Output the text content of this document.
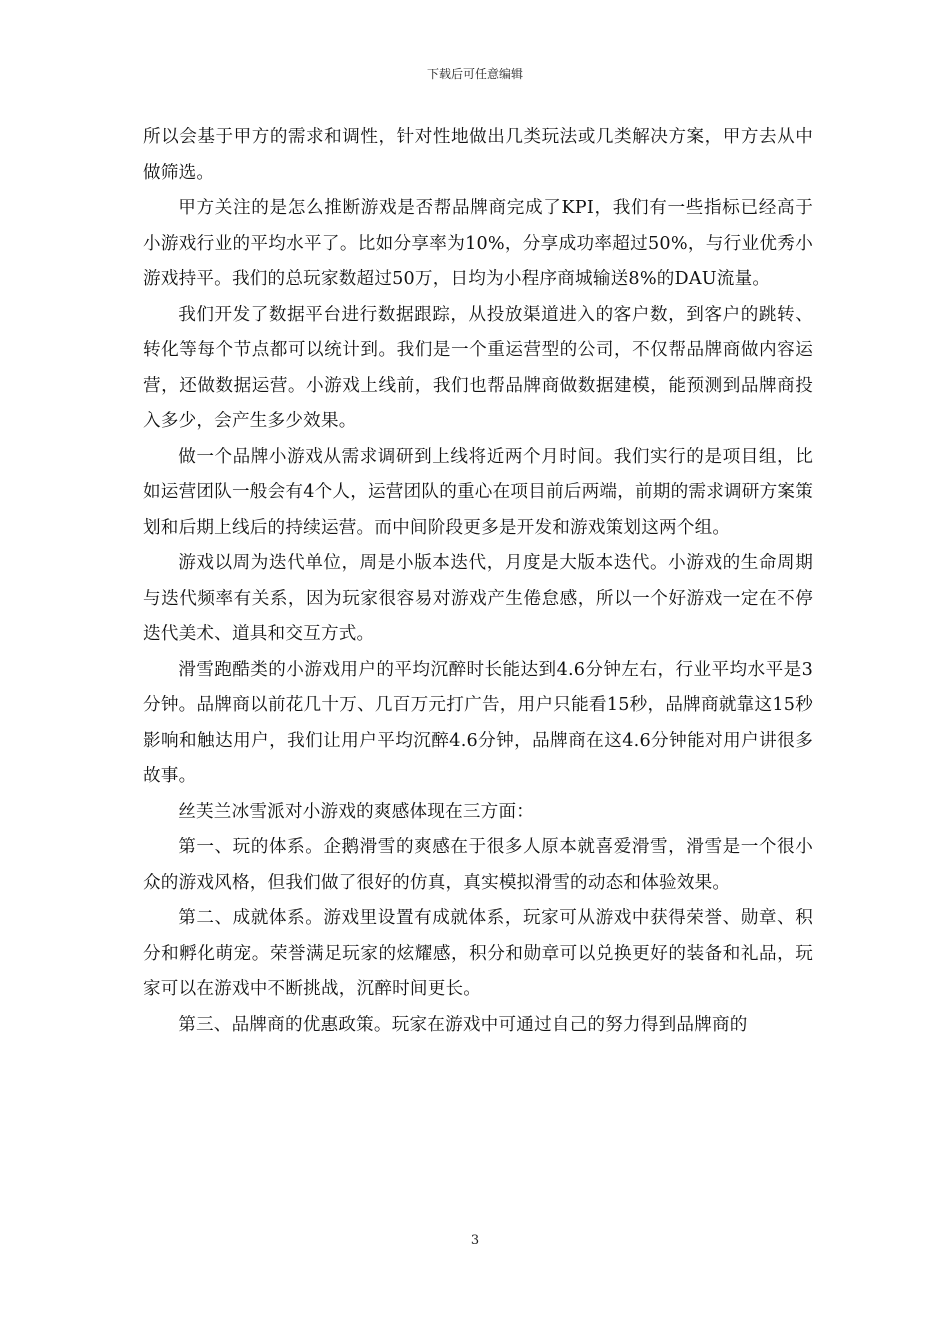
下载后可任意编辑

所以会基于甲方的需求和调性，针对性地做出几类玩法或几类解决方案，甲方去从中做筛选。

甲方关注的是怎么推断游戏是否帮品牌商完成了KPI，我们有一些指标已经高于小游戏行业的平均水平了。比如分享率为10%，分享成功率超过50%，与行业优秀小游戏持平。我们的总玩家数超过50万，日均为小程序商城输送8%的DAU流量。

我们开发了数据平台进行数据跟踪，从投放渠道进入的客户数，到客户的跳转、转化等每个节点都可以统计到。我们是一个重运营型的公司，不仅帮品牌商做内容运营，还做数据运营。小游戏上线前，我们也帮品牌商做数据建模，能预测到品牌商投入多少，会产生多少效果。

做一个品牌小游戏从需求调研到上线将近两个月时间。我们实行的是项目组，比如运营团队一般会有4个人，运营团队的重心在项目前后两端，前期的需求调研方案策划和后期上线后的持续运营。而中间阶段更多是开发和游戏策划这两个组。

游戏以周为迭代单位，周是小版本迭代，月度是大版本迭代。小游戏的生命周期与迭代频率有关系，因为玩家很容易对游戏产生倦怠感，所以一个好游戏一定在不停迭代美术、道具和交互方式。

滑雪跑酷类的小游戏用户的平均沉醉时长能达到4.6分钟左右，行业平均水平是3分钟。品牌商以前花几十万、几百万元打广告，用户只能看15秒，品牌商就靠这15秒影响和触达用户，我们让用户平均沉醉4.6分钟，品牌商在这4.6分钟能对用户讲很多故事。

丝芙兰冰雪派对小游戏的爽感体现在三方面：

第一、玩的体系。企鹅滑雪的爽感在于很多人原本就喜爱滑雪，滑雪是一个很小众的游戏风格，但我们做了很好的仿真，真实模拟滑雪的动态和体验效果。

第二、成就体系。游戏里设置有成就体系，玩家可从游戏中获得荣誉、勋章、积分和孵化萌宠。荣誉满足玩家的炫耀感，积分和勋章可以兑换更好的装备和礼品，玩家可以在游戏中不断挑战，沉醉时间更长。

第三、品牌商的优惠政策。玩家在游戏中可通过自己的努力得到品牌商的

3
